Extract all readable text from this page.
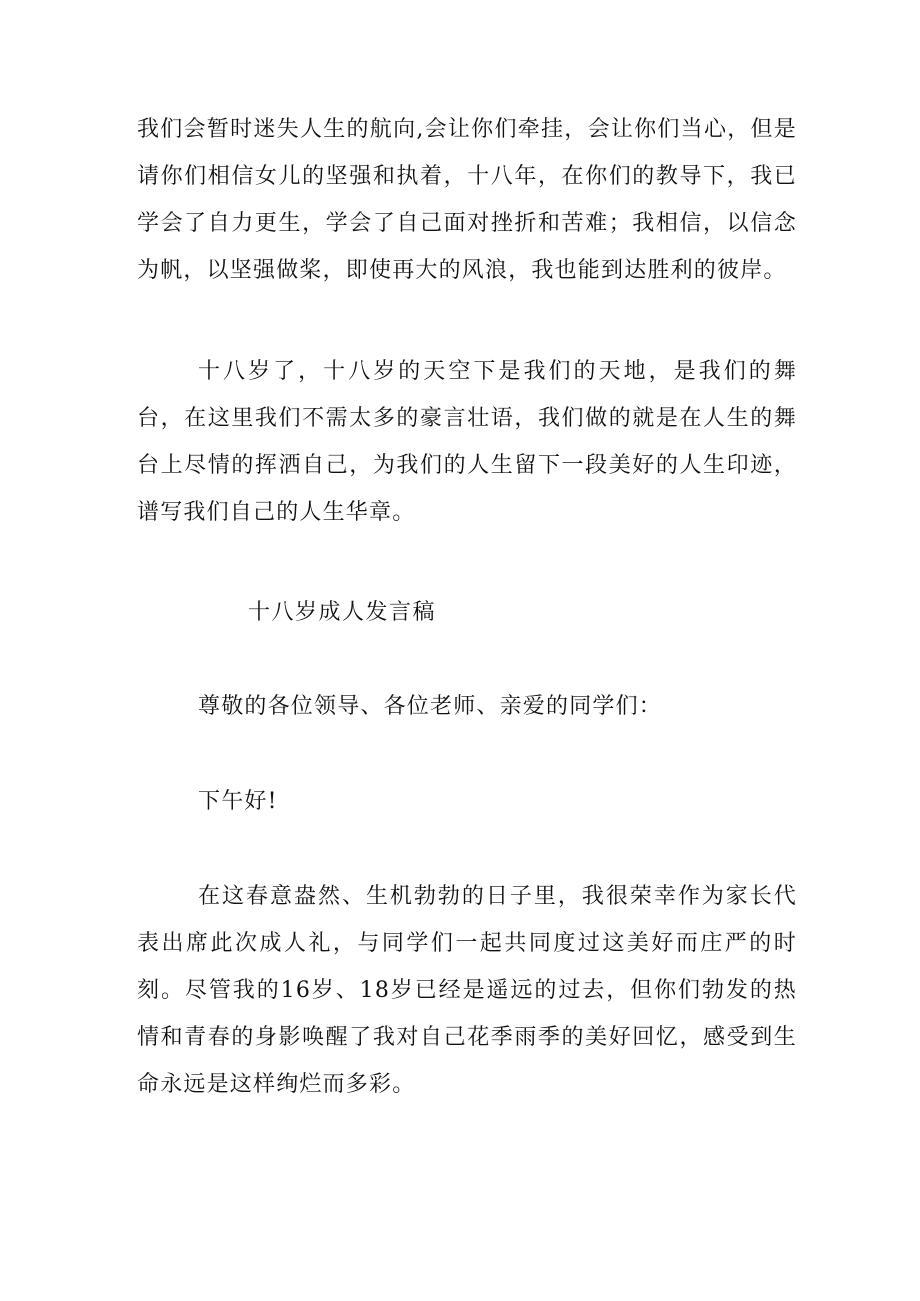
我们会暂时迷失人生的航向,会让你们牵挂，会让你们当心，但是请你们相信女儿的坚强和执着，十八年，在你们的教导下，我已学会了自力更生，学会了自己面对挫折和苦难；我相信，以信念为帆，以坚强做桨，即使再大的风浪，我也能到达胜利的彼岸。

十八岁了，十八岁的天空下是我们的天地，是我们的舞台，在这里我们不需太多的豪言壮语，我们做的就是在人生的舞台上尽情的挥洒自己，为我们的人生留下一段美好的人生印迹，谱写我们自己的人生华章。

十八岁成人发言稿

尊敬的各位领导、各位老师、亲爱的同学们：

下午好!

在这春意盎然、生机勃勃的日子里，我很荣幸作为家长代表出席此次成人礼，与同学们一起共同度过这美好而庄严的时刻。尽管我的16岁、18岁已经是遥远的过去，但你们勃发的热情和青春的身影唤醒了我对自己花季雨季的美好回忆，感受到生命永远是这样绚烂而多彩。
